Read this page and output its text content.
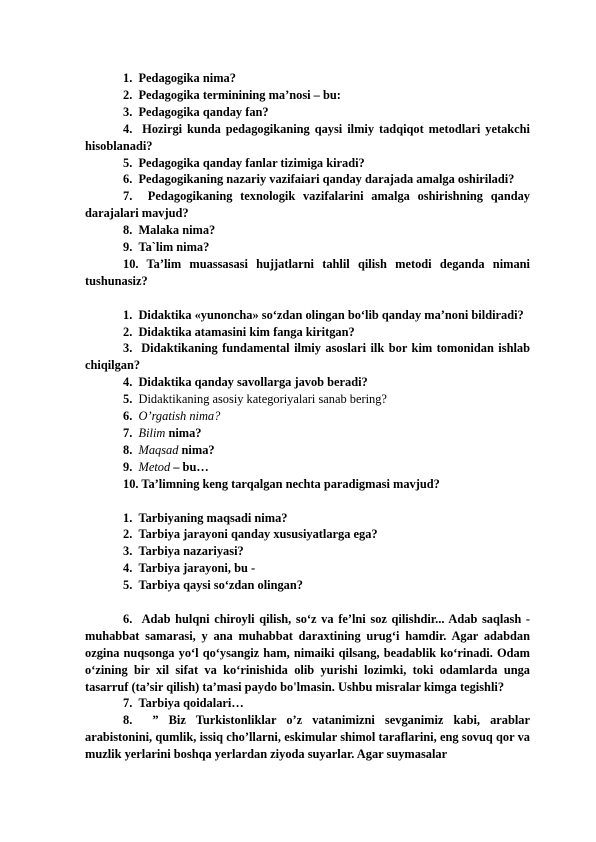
1.  Pedagogika nima?
2.  Pedagogika terminining ma’nosi – bu:
3.  Pedagogika qanday fan?
4.  Hozirgi kunda pedagogikaning qaysi ilmiy tadqiqot metodlari yetakchi hisoblanadi?
5.  Pedagogika qanday fanlar tizimiga kiradi?
6.  Pedagogikaning nazariy vazifaiari qanday darajada amalga oshiriladi?
7.  Pedagogikaning texnologik vazifalarini amalga oshirishning qanday darajalari mavjud?
8.  Malaka nima?
9.  Ta`lim nima?
10. Ta’lim muassasasi hujjatlarni tahlil qilish metodi deganda nimani tushunasiz?
1.  Didaktika «yunoncha» so‘zdan olingan bo‘lib qanday ma’noni bildiradi?
2.  Didaktika atamasini kim fanga kiritgan?
3.  Didaktikaning fundamental ilmiy asoslari ilk bor kim tomonidan ishlab chiqilgan?
4.  Didaktika qanday savollarga javob beradi?
5.  Didaktikaning asosiy kategoriyalari sanab bering?
6.  O’rgatish nima?
7.  Bilim nima?
8.  Maqsad nima?
9.  Metod – bu…
10. Ta’limning keng tarqalgan nechta paradigmasi mavjud?
1.  Tarbiyaning maqsadi nima?
2.  Tarbiya jarayoni qanday xususiyatlarga ega?
3.  Tarbiya nazariyasi?
4.  Tarbiya jarayoni, bu -
5.  Tarbiya qaysi so‘zdan olingan?
6.  Adab hulqni chiroyli qilish, so‘z va fe’lni soz qilishdir... Adab saqlash - muhabbat samarasi, y ana muhabbat daraxtining urug‘i hamdir. Agar adabdan ozgina nuqsonga yo‘l qo‘ysangiz ham, nimaiki qilsang, beadablik ko‘rinadi. Odam o‘zining bir xil sifat va ko‘rinishida olib yurishi lozimki, toki odamlarda unga tasarruf (ta’sir qilish) ta’masi paydo bo'lmasin. Ushbu misralar kimga tegishli?
7.  Tarbiya qoidalari…
8.  ” Biz Turkistonliklar o’z vatanimizni sevganimiz kabi, arablar arabistonini, qumlik, issiq cho’llarni, eskimular shimol taraflarini, eng sovuq qor va muzlik yerlarini boshqa yerlardan ziyoda suyarlar. Agar suymasalar
